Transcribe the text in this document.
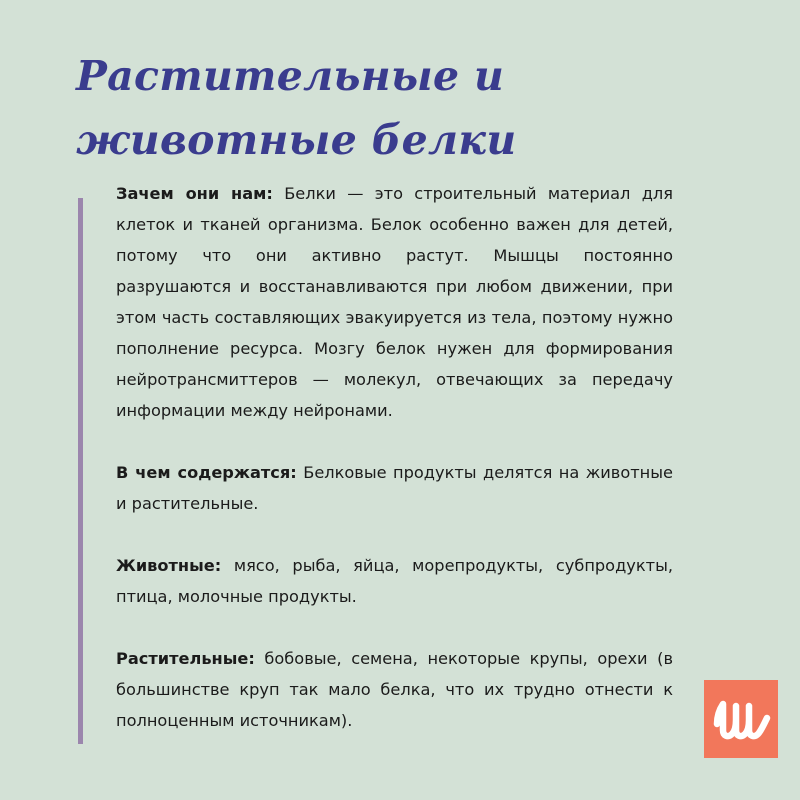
Растительные и животные белки

Зачем они нам: Белки — это строительный материал для клеток и тканей организма. Белок особенно важен для детей, потому что они активно растут. Мышцы постоянно разрушаются и восстанавливаются при любом движении, при этом часть составляющих эвакуируется из тела, поэтому нужно пополнение ресурса. Мозгу белок нужен для формирования нейротрансмиттеров — молекул, отвечающих за передачу информации между нейронами.

В чем содержатся: Белковые продукты делятся на животные и растительные.

Животные: мясо, рыба, яйца, морепродукты, субпродукты, птица, молочные продукты.

Растительные: бобовые, семена, некоторые крупы, орехи (в большинстве круп так мало белка, что их трудно отнести к полноценным источникам).
